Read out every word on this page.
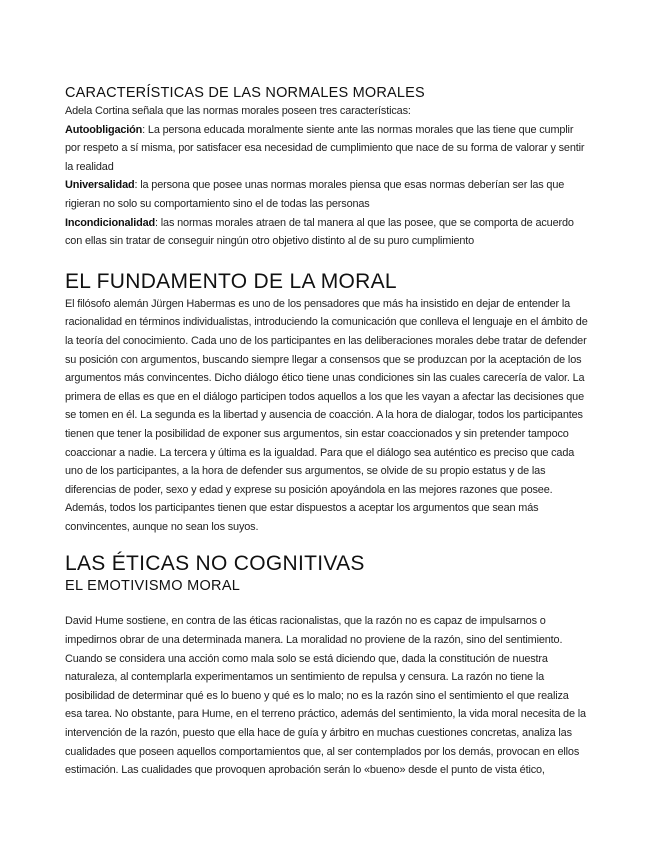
CARACTERÍSTICAS DE LAS NORMALES MORALES

Adela Cortina señala que las normas morales poseen tres características:

Autoobligación: La persona educada moralmente siente ante las normas morales que las tiene que cumplir por respeto a sí misma, por satisfacer esa necesidad de cumplimiento que nace de su forma de valorar y sentir la realidad

Universalidad: la persona que posee unas normas morales piensa que esas normas deberían ser las que rigieran no solo su comportamiento sino el de todas las personas

Incondicionalidad: las normas morales atraen de tal manera al que las posee, que se comporta de acuerdo con ellas sin tratar de conseguir ningún otro objetivo distinto al de su puro cumplimiento

EL FUNDAMENTO DE LA MORAL

El filósofo alemán Jürgen Habermas es uno de los pensadores que más ha insistido en dejar de entender la racionalidad en términos individualistas, introduciendo la comunicación que conlleva el lenguaje en el ámbito de la teoría del conocimiento. Cada uno de los participantes en las deliberaciones morales debe tratar de defender su posición con argumentos, buscando siempre llegar a consensos que se produzcan por la aceptación de los argumentos más convincentes. Dicho diálogo ético tiene unas condiciones sin las cuales carecería de valor. La primera de ellas es que en el diálogo participen todos aquellos a los que les vayan a afectar las decisiones que se tomen en él. La segunda es la libertad y ausencia de coacción. A la hora de dialogar, todos los participantes tienen que tener la posibilidad de exponer sus argumentos, sin estar coaccionados y sin pretender tampoco coaccionar a nadie. La tercera y última es la igualdad. Para que el diálogo sea auténtico es preciso que cada uno de los participantes, a la hora de defender sus argumentos, se olvide de su propio estatus y de las diferencias de poder, sexo y edad y exprese su posición apoyándola en las mejores razones que posee. Además, todos los participantes tienen que estar dispuestos a aceptar los argumentos que sean más convincentes, aunque no sean los suyos.

LAS ÉTICAS NO COGNITIVAS
EL EMOTIVISMO MORAL

David Hume sostiene, en contra de las éticas racionalistas, que la razón no es capaz de impulsarnos o impedirnos obrar de una determinada manera. La moralidad no proviene de la razón, sino del sentimiento. Cuando se considera una acción como mala solo se está diciendo que, dada la constitución de nuestra naturaleza, al contemplarla experimentamos un sentimiento de repulsa y censura. La razón no tiene la posibilidad de determinar qué es lo bueno y qué es lo malo; no es la razón sino el sentimiento el que realiza esa tarea. No obstante, para Hume, en el terreno práctico, además del sentimiento, la vida moral necesita de la intervención de la razón, puesto que ella hace de guía y árbitro en muchas cuestiones concretas, analiza las cualidades que poseen aquellos comportamientos que, al ser contemplados por los demás, provocan en ellos estimación. Las cualidades que provoquen aprobación serán lo «bueno» desde el punto de vista ético,
